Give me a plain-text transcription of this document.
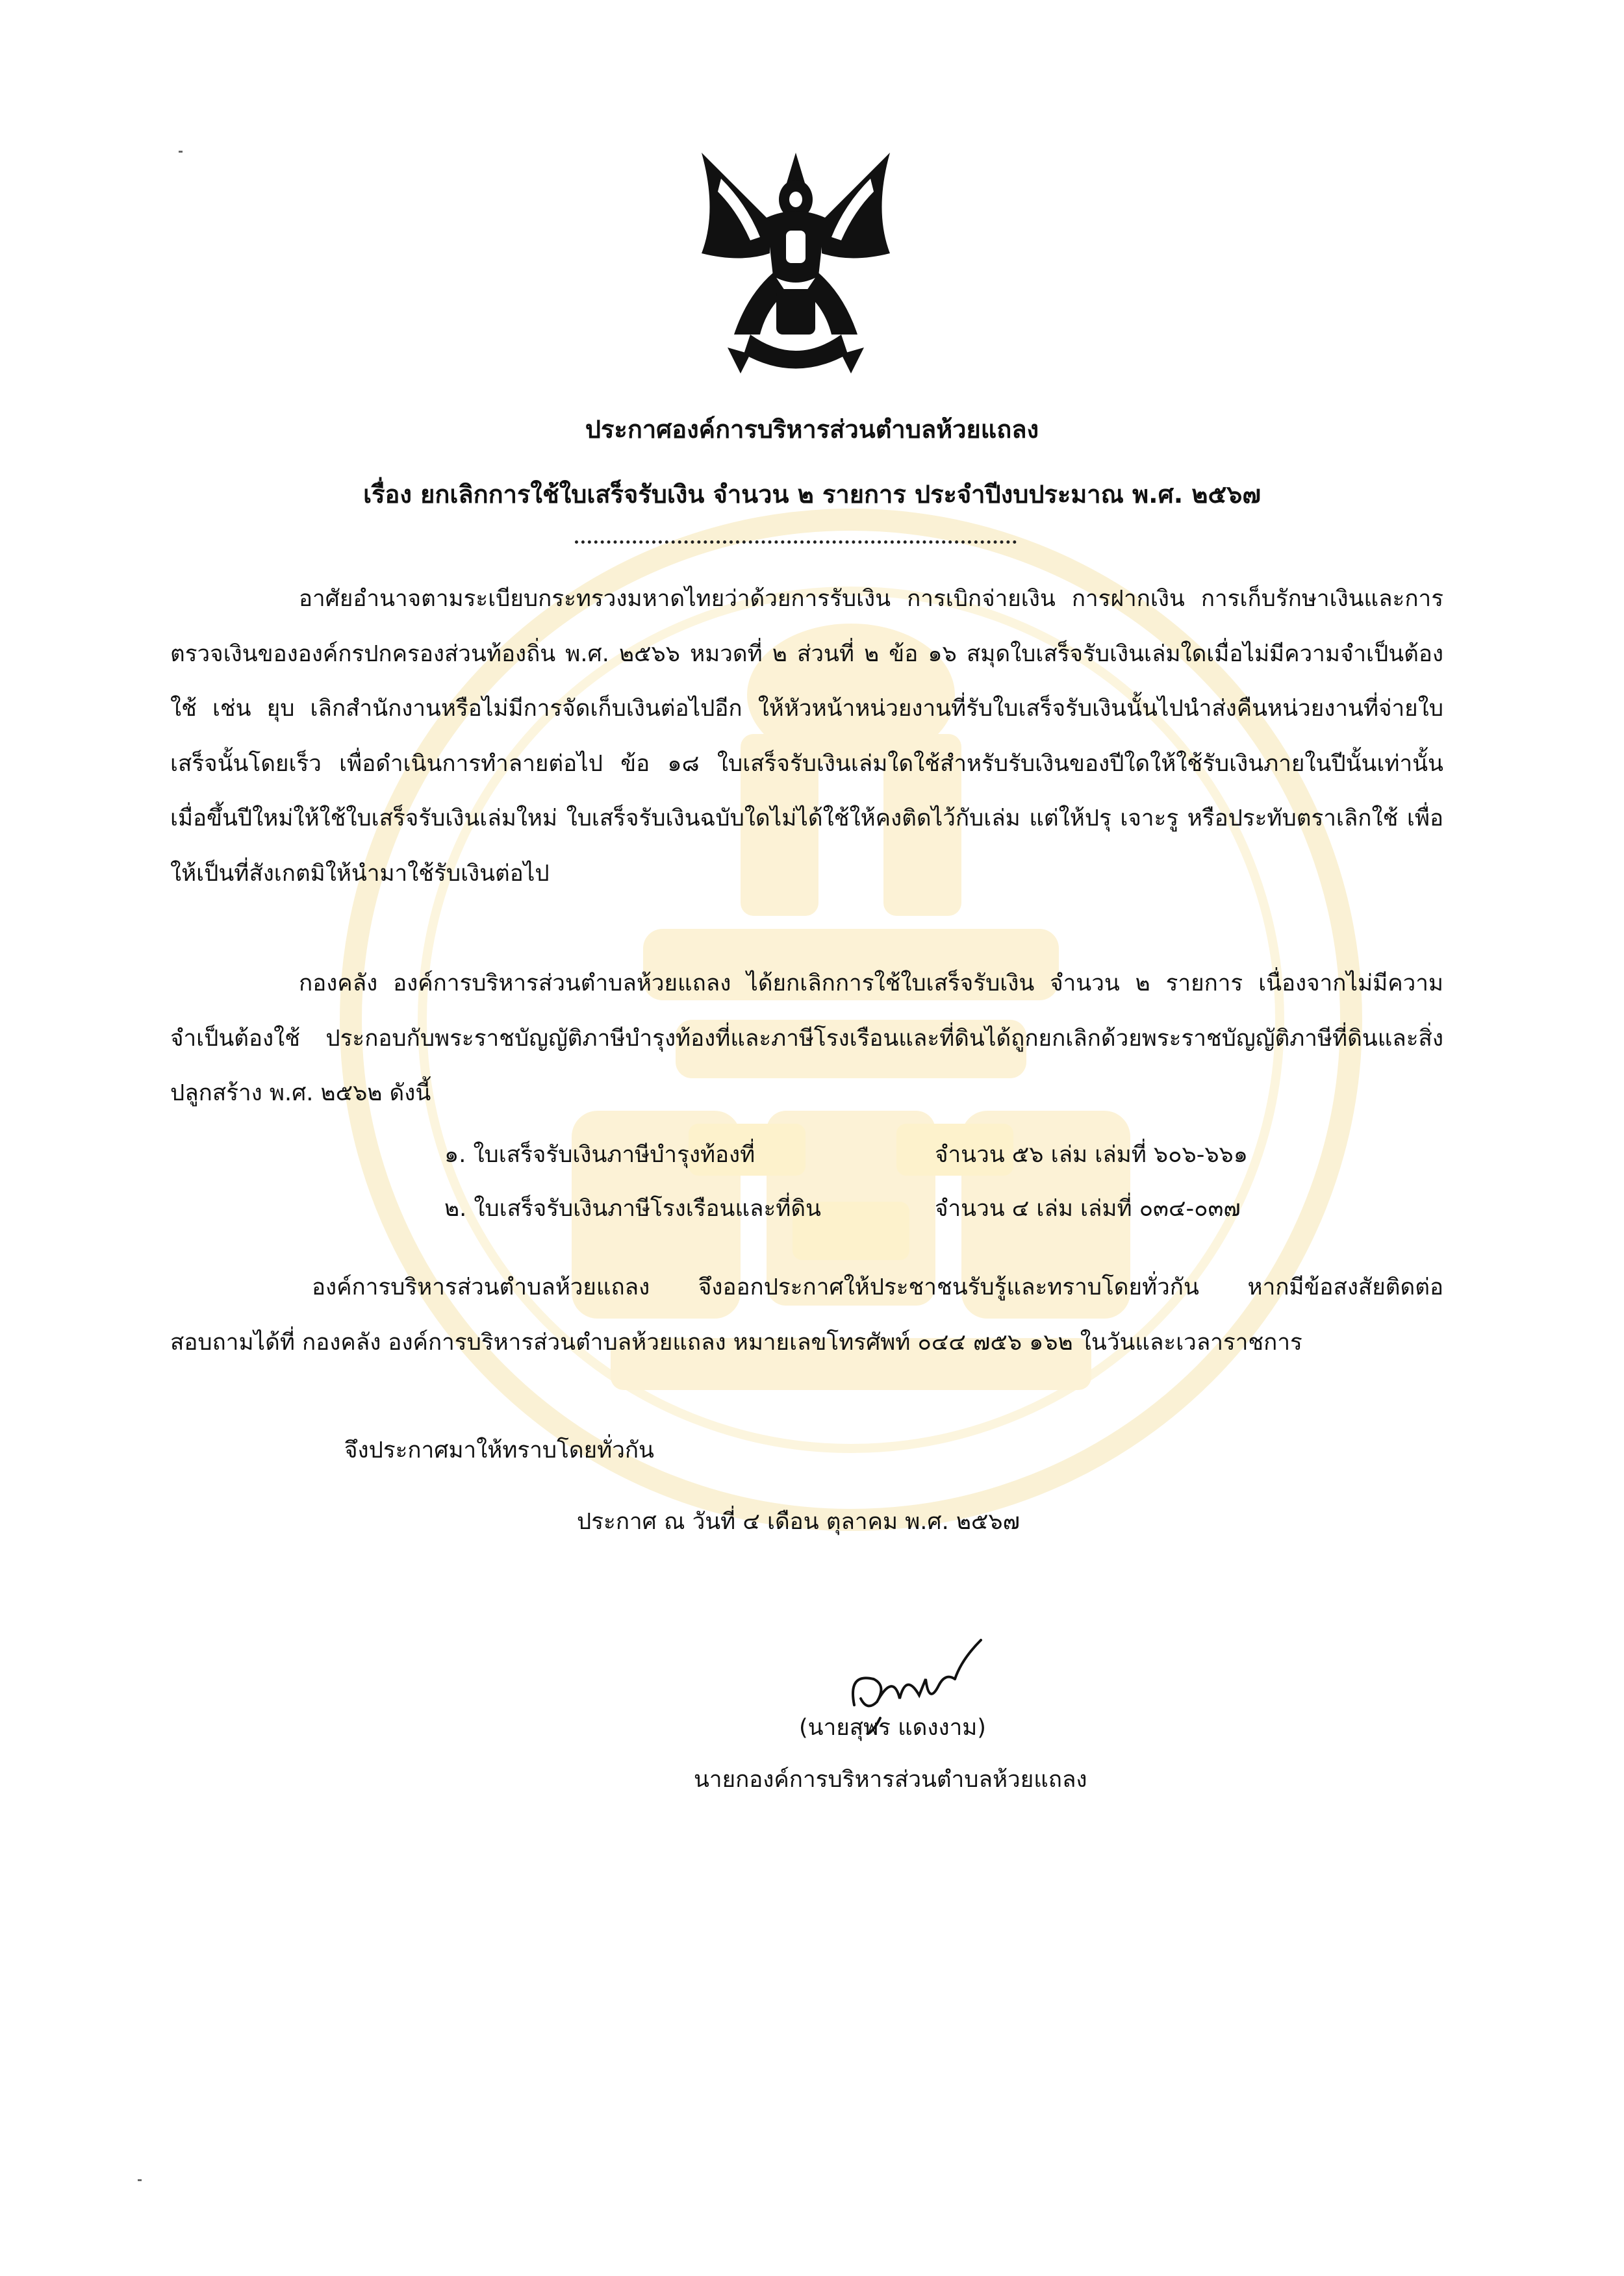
ประกาศองค์การบริหารส่วนตำบลห้วยแถลง
เรื่อง ยกเลิกการใช้ใบเสร็จรับเงิน จำนวน ๒ รายการ ประจำปีงบประมาณ พ.ศ. ๒๕๖๗
อาศัยอำนาจตามระเบียบกระทรวงมหาดไทยว่าด้วยการรับเงิน การเบิกจ่ายเงิน การฝากเงิน การเก็บรักษาเงินและการตรวจเงินขององค์กรปกครองส่วนท้องถิ่น พ.ศ. ๒๕๖๖ หมวดที่ ๒ ส่วนที่ ๒ ข้อ ๑๖ สมุดใบเสร็จรับเงินเล่มใดเมื่อไม่มีความจำเป็นต้องใช้ เช่น ยุบ เลิกสำนักงานหรือไม่มีการจัดเก็บเงินต่อไปอีก ให้หัวหน้าหน่วยงานที่รับใบเสร็จรับเงินนั้นไปนำส่งคืนหน่วยงานที่จ่ายใบเสร็จนั้นโดยเร็ว เพื่อดำเนินการทำลายต่อไป ข้อ ๑๘ ใบเสร็จรับเงินเล่มใดใช้สำหรับรับเงินของปีใดให้ใช้รับเงินภายในปีนั้นเท่านั้น เมื่อขึ้นปีใหม่ให้ใช้ใบเสร็จรับเงินเล่มใหม่ ใบเสร็จรับเงินฉบับใดไม่ได้ใช้ให้คงติดไว้กับเล่ม แต่ให้ปรุ เจาะรู หรือประทับตราเลิกใช้ เพื่อให้เป็นที่สังเกตมิให้นำมาใช้รับเงินต่อไป
กองคลัง องค์การบริหารส่วนตำบลห้วยแถลง ได้ยกเลิกการใช้ใบเสร็จรับเงิน จำนวน ๒ รายการ เนื่องจากไม่มีความจำเป็นต้องใช้ ประกอบกับพระราชบัญญัติภาษีบำรุงท้องที่และภาษีโรงเรือนและที่ดินได้ถูกยกเลิกด้วยพระราชบัญญัติภาษีที่ดินและสิ่งปลูกสร้าง พ.ศ. ๒๕๖๒ ดังนี้
๑. ใบเสร็จรับเงินภาษีบำรุงท้องที่	จำนวน ๕๖ เล่ม เล่มที่ ๖๐๖-๖๖๑
๒. ใบเสร็จรับเงินภาษีโรงเรือนและที่ดิน	จำนวน ๔ เล่ม เล่มที่ ๐๓๔-๐๓๗
องค์การบริหารส่วนตำบลห้วยแถลง จึงออกประกาศให้ประชาชนรับรู้และทราบโดยทั่วกัน หากมีข้อสงสัยติดต่อสอบถามได้ที่ กองคลัง องค์การบริหารส่วนตำบลห้วยแถลง หมายเลขโทรศัพท์ ๐๔๔ ๗๕๖ ๑๖๒ ในวันและเวลาราชการ
จึงประกาศมาให้ทราบโดยทั่วกัน
ประกาศ ณ วันที่ ๔ เดือน ตุลาคม พ.ศ. ๒๕๖๗
(นายสุพร แดงงาม)
นายกองค์การบริหารส่วนตำบลห้วยแถลง
